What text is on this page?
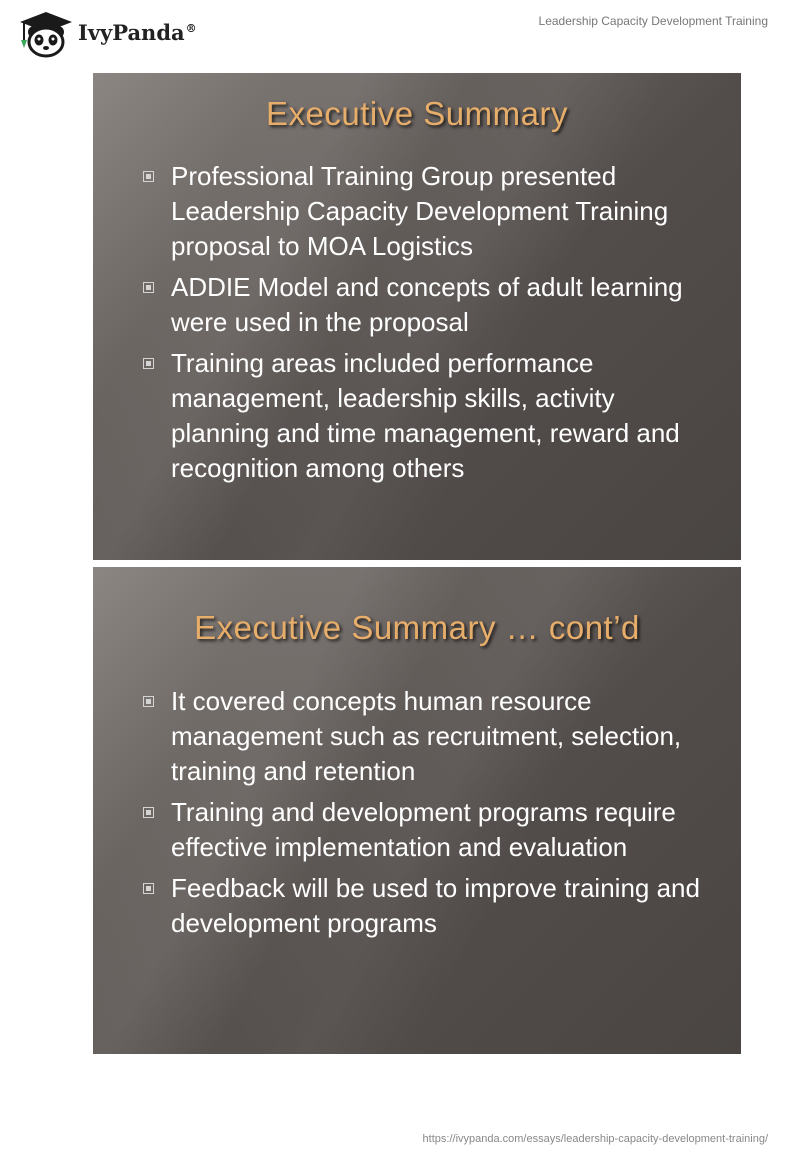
IvyPanda®
Leadership Capacity Development Training
Executive Summary
Professional Training Group presented Leadership Capacity Development Training proposal to MOA Logistics
ADDIE Model and concepts of adult learning were used in the proposal
Training areas included performance management, leadership skills, activity planning and time management, reward and recognition among others
Executive Summary … cont’d
It covered concepts human resource management such as recruitment, selection, training and retention
Training and development programs require effective implementation and evaluation
Feedback will be used to improve training and development programs
https://ivypanda.com/essays/leadership-capacity-development-training/
